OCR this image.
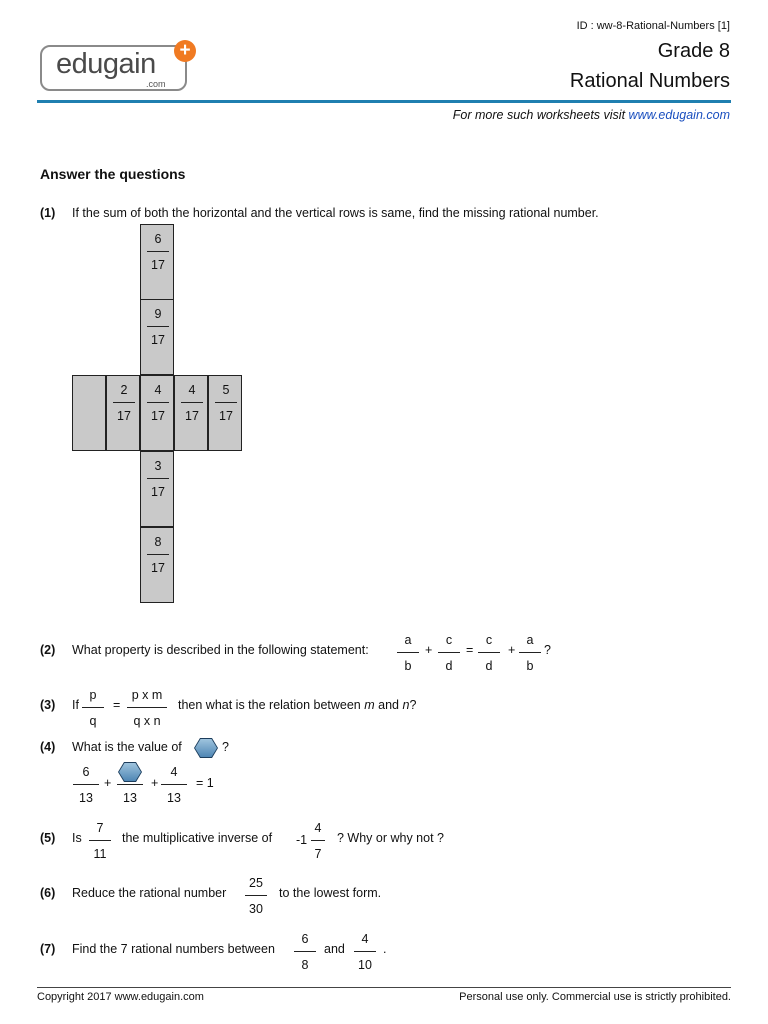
ID : ww-8-Rational-Numbers [1]
edugain
.com
+	Grade 8
Rational Numbers
For more such worksheets visit www.edugain.com
Answer the questions
(1) If the sum of both the horizontal and the vertical rows is same, find the missing rational number.
6
17
9
17
3
17
8
17
2
17
4
17
4
17
5
17
(2) What property is described in the following statement:
a
b
+
c
d
=
c
d
+
a
b
?
(3) If
p
q
=
p x m
q x n
then what is the relation between m and n?
(4) What is the value of	?
6
13
+
13
+
4
13
= 1
(5) Is
7
11
the multiplicative inverse of -1
4
7
? Why or why not ?
(6) Reduce the rational number
25
30
to the lowest form.
(7) Find the 7 rational numbers between
6
8
and
4
10
.
Copyright 2017 www.edugain.com	Personal use only. Commercial use is strictly prohibited.
